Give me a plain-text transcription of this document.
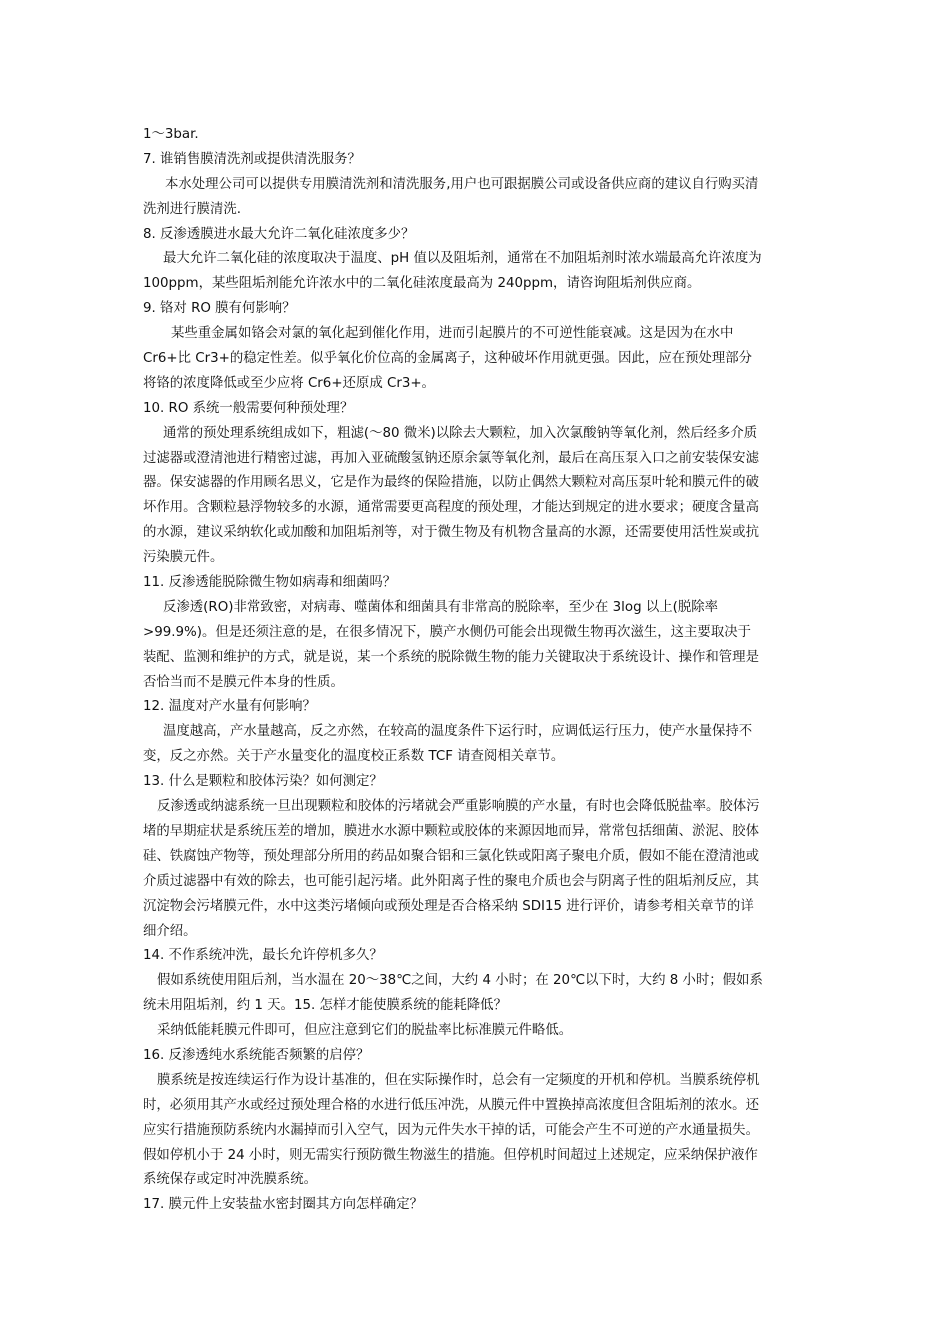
1～3bar.
7. 谁销售膜清洗剂或提供清洗服务？
本水处理公司可以提供专用膜清洗剂和清洗服务,用户也可跟据膜公司或设备供应商的建议自行购买清
洗剂进行膜清洗.
8. 反渗透膜进水最大允许二氧化硅浓度多少？
最大允许二氧化硅的浓度取决于温度、pH 值以及阻垢剂，通常在不加阻垢剂时浓水端最高允许浓度为
100ppm，某些阻垢剂能允许浓水中的二氧化硅浓度最高为 240ppm，请咨询阻垢剂供应商。
9. 铬对 RO 膜有何影响？
某些重金属如铬会对氯的氧化起到催化作用，进而引起膜片的不可逆性能衰减。这是因为在水中
Cr6+比 Cr3+的稳定性差。似乎氧化价位高的金属离子，这种破坏作用就更强。因此，应在预处理部分
将铬的浓度降低或至少应将 Cr6+还原成 Cr3+。
10. RO 系统一般需要何种预处理？
通常的预处理系统组成如下，粗滤(～80 微米)以除去大颗粒，加入次氯酸钠等氧化剂，然后经多介质
过滤器或澄清池进行精密过滤，再加入亚硫酸氢钠还原余氯等氧化剂，最后在高压泵入口之前安装保安滤
器。保安滤器的作用顾名思义，它是作为最终的保险措施，以防止偶然大颗粒对高压泵叶轮和膜元件的破
坏作用。含颗粒悬浮物较多的水源，通常需要更高程度的预处理，才能达到规定的进水要求；硬度含量高
的水源，建议采纳软化或加酸和加阻垢剂等，对于微生物及有机物含量高的水源，还需要使用活性炭或抗
污染膜元件。
11. 反渗透能脱除微生物如病毒和细菌吗？
反渗透(RO)非常致密，对病毒、噬菌体和细菌具有非常高的脱除率，至少在 3log 以上(脱除率
>99.9%)。但是还须注意的是，在很多情况下，膜产水侧仍可能会出现微生物再次滋生，这主要取决于
装配、监测和维护的方式，就是说，某一个系统的脱除微生物的能力关键取决于系统设计、操作和管理是
否恰当而不是膜元件本身的性质。
12. 温度对产水量有何影响？
温度越高，产水量越高，反之亦然，在较高的温度条件下运行时，应调低运行压力，使产水量保持不
变，反之亦然。关于产水量变化的温度校正系数 TCF 请查阅相关章节。
13. 什么是颗粒和胶体污染？如何测定？
反渗透或纳滤系统一旦出现颗粒和胶体的污堵就会严重影响膜的产水量，有时也会降低脱盐率。胶体污
堵的早期症状是系统压差的增加，膜进水水源中颗粒或胶体的来源因地而异，常常包括细菌、淤泥、胶体
硅、铁腐蚀产物等，预处理部分所用的药品如聚合铝和三氯化铁或阳离子聚电介质，假如不能在澄清池或
介质过滤器中有效的除去，也可能引起污堵。此外阳离子性的聚电介质也会与阴离子性的阻垢剂反应，其
沉淀物会污堵膜元件，水中这类污堵倾向或预处理是否合格采纳 SDI15 进行评价，请参考相关章节的详
细介绍。
14. 不作系统冲洗，最长允许停机多久？
假如系统使用阻后剂，当水温在 20～38℃之间，大约 4 小时；在 20℃以下时，大约 8 小时；假如系
统未用阻垢剂，约 1 天。15. 怎样才能使膜系统的能耗降低？
采纳低能耗膜元件即可，但应注意到它们的脱盐率比标准膜元件略低。
16. 反渗透纯水系统能否频繁的启停？
膜系统是按连续运行作为设计基准的，但在实际操作时，总会有一定频度的开机和停机。当膜系统停机
时，必须用其产水或经过预处理合格的水进行低压冲洗，从膜元件中置换掉高浓度但含阻垢剂的浓水。还
应实行措施预防系统内水漏掉而引入空气，因为元件失水干掉的话，可能会产生不可逆的产水通量损失。
假如停机小于 24 小时，则无需实行预防微生物滋生的措施。但停机时间超过上述规定，应采纳保护液作
系统保存或定时冲洗膜系统。
17. 膜元件上安装盐水密封圈其方向怎样确定？
